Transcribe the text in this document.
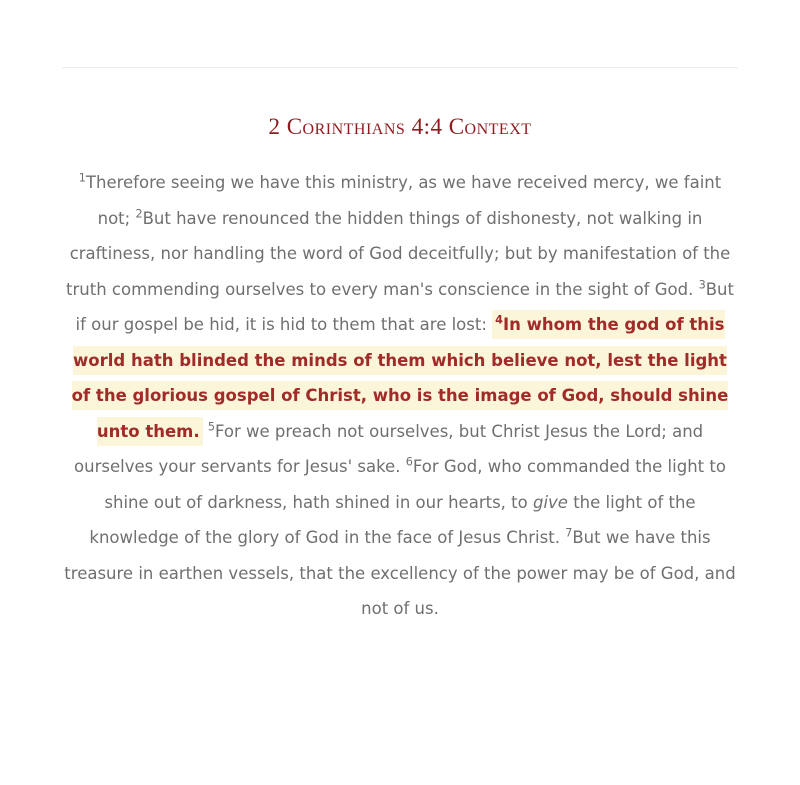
2 Corinthians 4:4 Context

$^1$Therefore seeing we have this ministry, as we have received mercy, we faint not; $^2$But have renounced the hidden things of dishonesty, not walking in craftiness, nor handling the word of God deceitfully; but by manifestation of the truth commending ourselves to every man's conscience in the sight of God. $^3$But if our gospel be hid, it is hid to them that are lost: $^4$In whom the god of this world hath blinded the minds of them which believe not, lest the light of the glorious gospel of Christ, who is the image of God, should shine unto them. $^5$For we preach not ourselves, but Christ Jesus the Lord; and ourselves your servants for Jesus' sake. $^6$For God, who commanded the light to shine out of darkness, hath shined in our hearts, to give the light of the knowledge of the glory of God in the face of Jesus Christ. $^7$But we have this treasure in earthen vessels, that the excellency of the power may be of God, and not of us.
